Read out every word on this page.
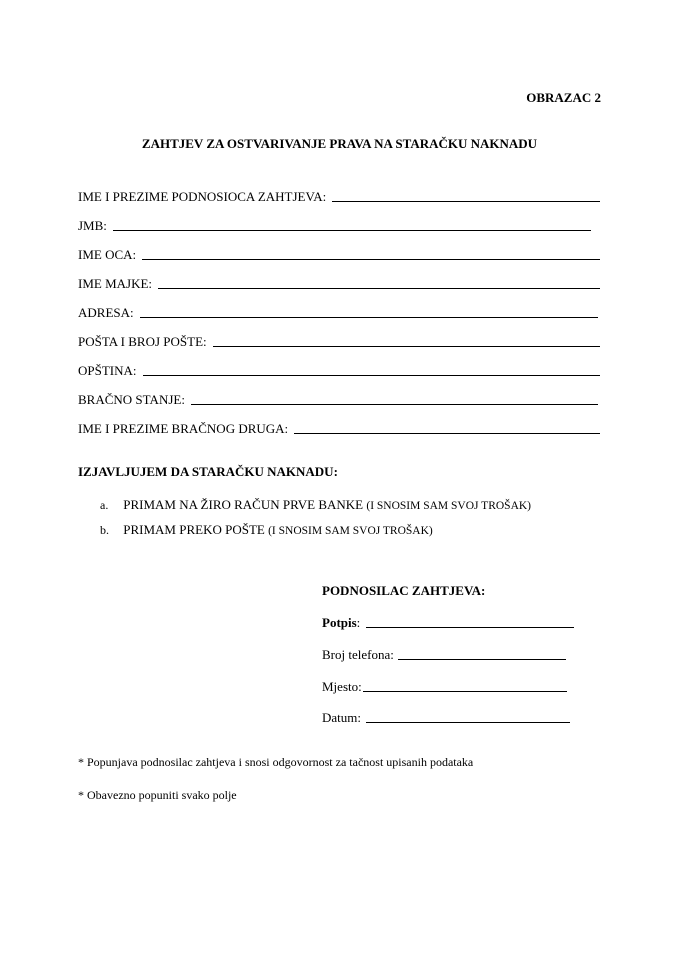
OBRAZAC 2
ZAHTJEV ZA OSTVARIVANJE PRAVA NA STARAČKU NAKNADU
IME I PREZIME PODNOSIOCA ZAHTJEVA:
JMB:
IME OCA:
IME MAJKE:
ADRESA:
POŠTA I BROJ POŠTE:
OPŠTINA:
BRAČNO STANJE:
IME I PREZIME BRAČNOG DRUGA:
IZJAVLJUJEM DA STARAČKU NAKNADU:
a. PRIMAM NA ŽIRO RAČUN PRVE BANKE (I SNOSIM SAM SVOJ TROŠAK)
b. PRIMAM PREKO POŠTE (I SNOSIM SAM SVOJ TROŠAK)
PODNOSILAC ZAHTJEVA:
Potpis:
Broj telefona:
Mjesto:
Datum:
* Popunjava podnosilac zahtjeva i snosi odgovornost za tačnost upisanih podataka
* Obavezno popuniti svako polje
